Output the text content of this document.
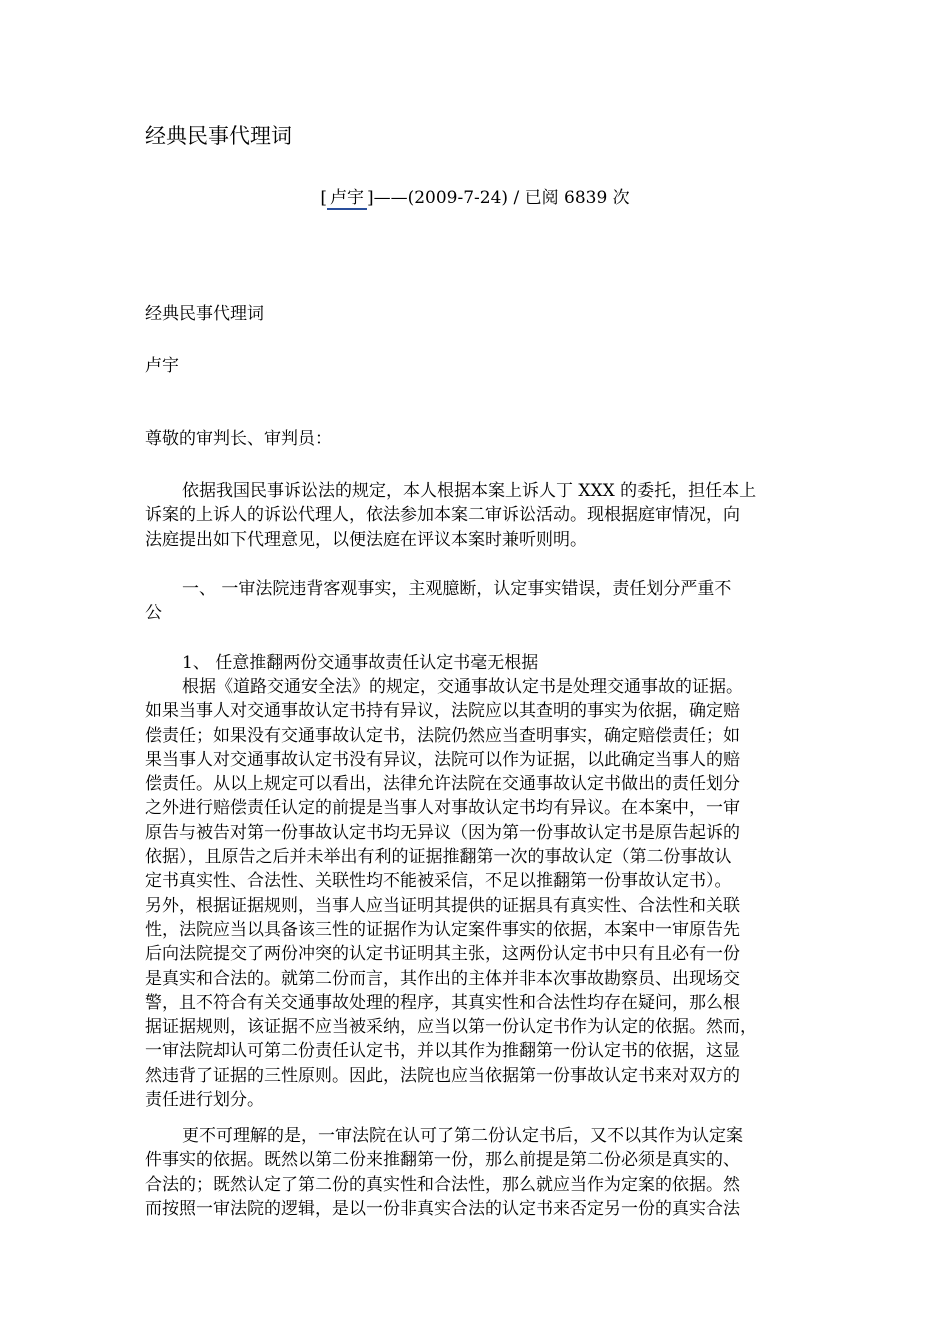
经典民事代理词
[ 卢宇 ]——(2009-7-24) / 已阅 6839 次

经典民事代理词

卢宇

尊敬的审判长、审判员：

依据我国民事诉讼法的规定，本人根据本案上诉人丁 XXX 的委托，担任本上
诉案的上诉人的诉讼代理人，依法参加本案二审诉讼活动。现根据庭审情况，向
法庭提出如下代理意见，以便法庭在评议本案时兼听则明。
一、 一审法院违背客观事实，主观臆断，认定事实错误，责任划分严重不
公

1、 任意推翻两份交通事故责任认定书毫无根据

根据《道路交通安全法》的规定，交通事故认定书是处理交通事故的证据。
如果当事人对交通事故认定书持有异议，法院应以其查明的事实为依据，确定赔
偿责任；如果没有交通事故认定书，法院仍然应当查明事实，确定赔偿责任；如
果当事人对交通事故认定书没有异议，法院可以作为证据，以此确定当事人的赔
偿责任。从以上规定可以看出，法律允许法院在交通事故认定书做出的责任划分
之外进行赔偿责任认定的前提是当事人对事故认定书均有异议。在本案中，一审
原告与被告对第一份事故认定书均无异议（因为第一份事故认定书是原告起诉的
依据），且原告之后并未举出有利的证据推翻第一次的事故认定（第二份事故认
定书真实性、合法性、关联性均不能被采信，不足以推翻第一份事故认定书）。
另外，根据证据规则，当事人应当证明其提供的证据具有真实性、合法性和关联
性，法院应当以具备该三性的证据作为认定案件事实的依据，本案中一审原告先
后向法院提交了两份冲突的认定书证明其主张，这两份认定书中只有且必有一份
是真实和合法的。就第二份而言，其作出的主体并非本次事故勘察员、出现场交
警，且不符合有关交通事故处理的程序，其真实性和合法性均存在疑问，那么根
据证据规则，该证据不应当被采纳，应当以第一份认定书作为认定的依据。然而，
一审法院却认可第二份责任认定书，并以其作为推翻第一份认定书的依据，这显
然违背了证据的三性原则。因此，法院也应当依据第一份事故认定书来对双方的
责任进行划分。
更不可理解的是，一审法院在认可了第二份认定书后，又不以其作为认定案
件事实的依据。既然以第二份来推翻第一份，那么前提是第二份必须是真实的、
合法的；既然认定了第二份的真实性和合法性，那么就应当作为定案的依据。然
而按照一审法院的逻辑，是以一份非真实合法的认定书来否定另一份的真实合法
